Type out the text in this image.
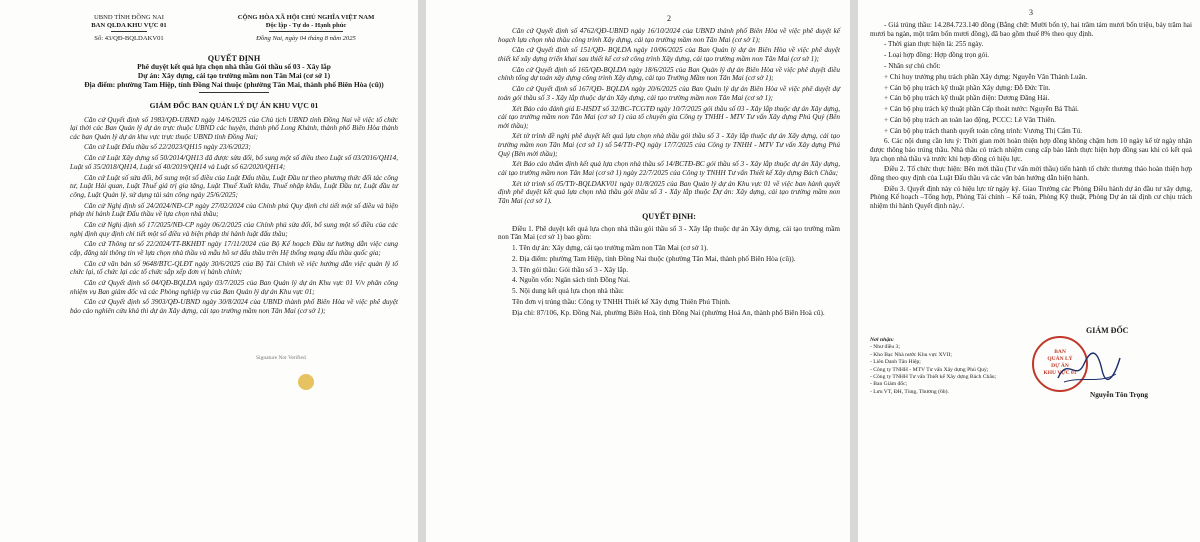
UBND TỈNH ĐỒNG NAI

BAN QLDA KHU VỰC 01

Số: 43/QĐ-BQLDAKV01

CỘNG HÒA XÃ HỘI CHỦ NGHĨA VIỆT NAM

Độc lập - Tự do - Hạnh phúc

Đồng Nai, ngày 04 tháng 8 năm 2025

QUYẾT ĐỊNH

Phê duyệt kết quả lựa chọn nhà thầu Gói thầu số 03 - Xây lắp

Dự án: Xây dựng, cải tạo trường mầm non Tân Mai (cơ sở 1)

Địa điểm: phường Tam Hiệp, tỉnh Đồng Nai thuộc (phường Tân Mai, thành phố Biên Hòa (cũ))

GIÁM ĐỐC BAN QUẢN LÝ DỰ ÁN KHU VỰC 01

Căn cứ Quyết định số 1983/QĐ-UBND ngày 14/6/2025 của Chủ tịch UBND tỉnh Đồng Nai về việc tổ chức lại thời các Ban Quản lý dự án trực thuộc UBND các huyện, thành phố Long Khánh, thành phố Biên Hòa thành các ban Quản lý dự án khu vực trực thuộc UBND tỉnh Đồng Nai;

Căn cứ Luật Đấu thầu số 22/2023/QH15 ngày 23/6/2023;

Căn cứ Luật Xây dựng số 50/2014/QH13 đã được sửa đổi, bổ sung một số điều theo Luật số 03/2016/QH14, Luật số 35/2018/QH14, Luật số 40/2019/QH14 và Luật số 62/2020/QH14;

Căn cứ Luật số sửa đổi, bổ sung một số điều của Luật Đấu thầu, Luật Đầu tư theo phương thức đối tác công tư, Luật Hải quan, Luật Thuế giá trị gia tăng, Luật Thuế Xuất khẩu, Thuế nhập khẩu, Luật Đầu tư, Luật đầu tư công, Luật Quản lý, sử dụng tài sản công ngày 25/6/2025;

Căn cứ Nghị định số 24/2024/NĐ-CP ngày 27/02/2024 của Chính phủ Quy định chi tiết một số điều và biện pháp thi hành Luật Đấu thầu về lựa chọn nhà thầu;

Căn cứ Nghị định số 17/2025/NĐ-CP ngày 06/2/2025 của Chính phủ sửa đổi, bổ sung một số điều của các nghị định quy định chi tiết một số điều và biện pháp thi hành luật đấu thầu;

Căn cứ Thông tư số 22/2024/TT-BKHĐT ngày 17/11/2024 của Bộ Kế hoạch Đầu tư hướng dẫn việc cung cấp, đăng tải thông tin về lựa chọn nhà thầu và mẫu hồ sơ đấu thầu trên Hệ thống mạng đấu thầu quốc gia;

Căn cứ văn bản số 9648/BTC-QLĐT ngày 30/6/2025 của Bộ Tài Chính về việc hướng dẫn việc quản lý tổ chức lại, tổ chức lại các tổ chức sắp xếp đơn vị hành chính;

Căn cứ Quyết định số 04/QĐ-BQLDA ngày 03/7/2025 của Ban Quản lý dự án Khu vực 01 V/v phân công nhiệm vụ Ban giám đốc và các Phòng nghiệp vụ của Ban Quản lý dự án Khu vực 01;

Căn cứ Quyết định số 3903/QĐ-UBND ngày 30/8/2024 của UBND thành phố Biên Hòa về việc phê duyệt báo cáo nghiên cứu khả thi dự án Xây dựng, cải tạo trường mầm non Tân Mai (cơ sở 1);

Signature Not Verified
2

Căn cứ Quyết định số 4762/QĐ-UBND ngày 16/10/2024 của UBND thành phố Biên Hòa về việc phê duyệt kế hoạch lựa chọn nhà thầu công trình Xây dựng, cải tạo trường mầm non Tân Mai (cơ sở 1);

Căn cứ Quyết định số 151/QĐ- BQLDA ngày 10/06/2025 của Ban Quản lý dự án Biên Hòa về việc phê duyệt thiết kế xây dựng triển khai sau thiết kế cơ sở công trình Xây dựng, cải tạo trường mầm non Tân Mai (cơ sở 1);

Căn cứ Quyết định số 165/QĐ-BQLDA ngày 18/6/2025 của Ban Quản lý dự án Biên Hòa về việc phê duyệt điều chỉnh tổng dự toán xây dựng công trình Xây dựng, cải tạo Trường Mầm non Tân Mai (cơ sở 1);

Căn cứ Quyết định số 167/QĐ- BQLDA ngày 20/6/2025 của Ban Quản lý dự án Biên Hòa về việc phê duyệt dự toán gói thầu số 3 - Xây lắp thuộc dự án Xây dựng, cải tạo trường mầm non Tân Mai (cơ sở 1);

Xét Báo cáo đánh giá E-HSDT số 32/BC-TCGTĐ ngày 10/7/2025 gói thầu số 03 - Xây lắp thuộc dự án Xây dựng, cải tạo trường mầm non Tân Mai (cơ sở 1) của tổ chuyên gia Công ty TNHH - MTV Tư vấn Xây dựng Phú Quý (Bên mời thầu);

Xét tờ trình đề nghị phê duyệt kết quả lựa chọn nhà thầu gói thầu số 3 - Xây lắp thuộc dự án Xây dựng, cải tạo trường mầm non Tân Mai (cơ sở 1) số 54/TTr-PQ ngày 17/7/2025 của Công ty TNHH - MTV Tư vấn Xây dựng Phú Quý (Bên mời thầu);

Xét Báo cáo thẩm định kết quả lựa chọn nhà thầu số 14/BCTĐ-BC gói thầu số 3 - Xây lắp thuộc dự án Xây dựng, cải tạo trường mầm non Tân Mai (cơ sở 1) ngày 22/7/2025 của Công ty TNHH Tư vấn Thiết kế Xây dựng Bách Châu;

Xét tờ trình số 05/TTr-BQLDAKV01 ngày 01/8/2025 của Ban Quản lý dự án Khu vực 01 về việc ban hành quyết định phê duyệt kết quả lựa chọn nhà thầu gói thầu số 3 - Xây lắp thuộc Dự án: Xây dựng, cải tạo trường mầm non Tân Mai (cơ sở 1).

QUYẾT ĐỊNH:

Điều 1. Phê duyệt kết quả lựa chọn nhà thầu gói thầu số 3 - Xây lắp thuộc dự án Xây dựng, cải tạo trường mầm non Tân Mai (cơ sở 1) bao gồm:

1. Tên dự án: Xây dựng, cải tạo trường mầm non Tân Mai (cơ sở 1).

2. Địa điểm: phường Tam Hiệp, tỉnh Đồng Nai thuộc (phường Tân Mai, thành phố Biên Hòa (cũ)).

3. Tên gói thầu: Gói thầu số 3 - Xây lắp.

4. Nguồn vốn: Ngân sách tỉnh Đồng Nai.

5. Nội dung kết quả lựa chọn nhà thầu:

Tên đơn vị trúng thầu: Công ty TNHH Thiết kế Xây dựng Thiên Phú Thịnh.

Địa chỉ: 87/106, Kp. Đồng Nai, phường Biên Hoà, tỉnh Đồng Nai (phường Hoá An, thành phố Biên Hoà cũ).

3

- Giá trúng thầu: 14.284.723.140 đồng (Bằng chữ: Mười bốn tỷ, hai trăm tám mươi bốn triệu, bảy trăm hai mươi ba ngàn, một trăm bốn mươi đồng), đã bao gồm thuế 8% theo quy định.

- Thời gian thực hiện là: 255 ngày.

- Loại hợp đồng: Hợp đồng trọn gói.

- Nhân sự chủ chốt:

+ Chỉ huy trưởng phụ trách phần Xây dựng: Nguyễn Văn Thành Luân.

+ Cán bộ phụ trách kỹ thuật phần Xây dựng: Đỗ Đức Tín.

+ Cán bộ phụ trách kỹ thuật phần điện: Dương Đăng Hải.

+ Cán bộ phụ trách kỹ thuật phần Cấp thoát nước: Nguyễn Bá Thái.

+ Cán bộ phụ trách an toàn lao động, PCCC: Lê Văn Thiên.

+ Cán bộ phụ trách thanh quyết toán công trình: Vương Thị Cẩm Tú.

6. Các nội dung cần lưu ý: Thời gian mời hoàn thiện hợp đồng không chậm hơn 10 ngày kể từ ngày nhận được thông báo trúng thầu. Nhà thầu có trách nhiệm cung cấp bảo lãnh thực hiện hợp đồng sau khi có kết quả lựa chọn nhà thầu và trước khi hợp đồng có hiệu lực.

Điều 2. Tổ chức thực hiện: Bên mời thầu (Tư vấn mời thầu) tiến hành tổ chức thương thảo hoàn thiện hợp đồng theo quy định của Luật Đấu thầu và các văn bản hướng dẫn hiện hành.

Điều 3. Quyết định này có hiệu lực từ ngày ký. Giao Trưởng các Phòng Điều hành dự án đầu tư xây dựng, Phòng Kế hoạch –Tổng hợp, Phòng Tài chính – Kế toán, Phòng Kỹ thuật, Phòng Dự án tái định cư chịu trách nhiệm thi hành Quyết định này./.

Nơi nhận:

- Như điều 3;

- Kho Bạc Nhà nước Khu vực XVII;

- Liên Danh Tân Hiệp;

- Công ty TNHH - MTV Tư vấn Xây dựng Phú Quý;

- Công ty TNHH Tư vấn Thiết kế Xây dựng Bách Châu;

- Ban Giám đốc;

- Lưu VT, ĐH, Tùng, Thương (6b).

GIÁM ĐỐC
BAN
QUẢN LÝ
DỰ ÁN
KHU VỰC 01
Nguyễn Tôn Trọng
